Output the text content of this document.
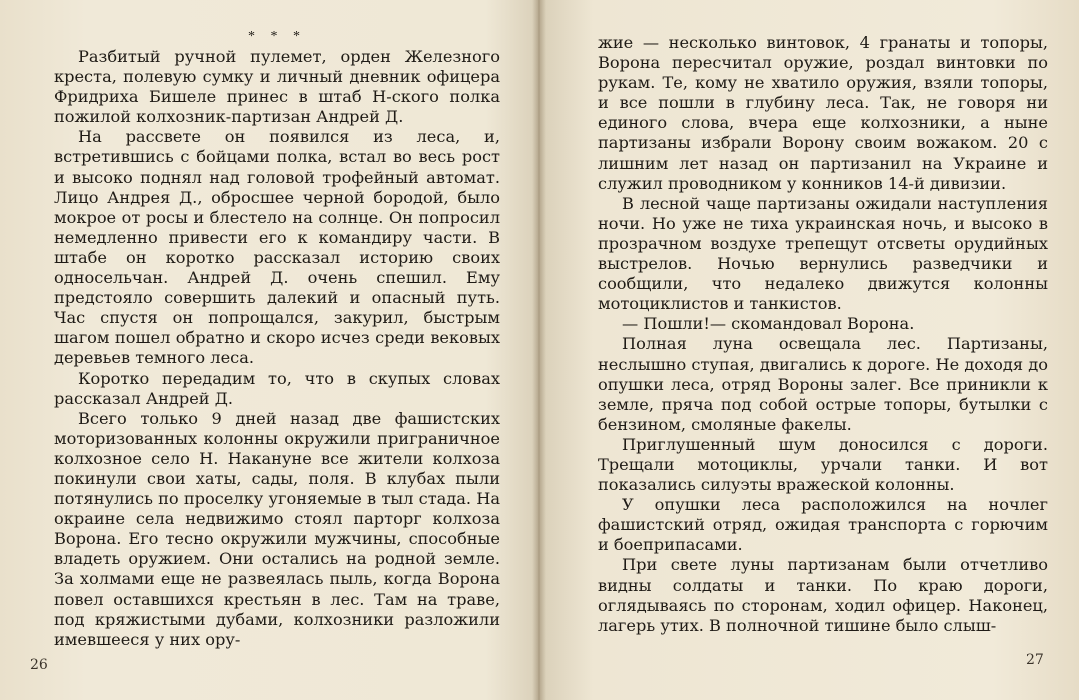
* * *

Разбитый ручной пулемет, орден Железного креста, полевую сумку и личный дневник офицера Фридриха Бишеле принес в штаб Н-ского полка пожилой колхозник-партизан Андрей Д.

На рассвете он появился из леса, и, встретившись с бойцами полка, встал во весь рост и высоко поднял над головой трофейный автомат. Лицо Андрея Д., обросшее черной бородой, было мокрое от росы и блестело на солнце. Он попросил немедленно привести его к командиру части. В штабе он коротко рассказал историю своих односельчан. Андрей Д. очень спешил. Ему предстояло совершить далекий и опасный путь. Час спустя он попрощался, закурил, быстрым шагом пошел обратно и скоро исчез среди вековых деревьев темного леса.

Коротко передадим то, что в скупых словах рассказал Андрей Д.

Всего только 9 дней назад две фашистских моторизованных колонны окружили приграничное колхозное село Н. Накануне все жители колхоза покинули свои хаты, сады, поля. В клубах пыли потянулись по проселку угоняемые в тыл стада. На окраине села недвижимо стоял парторг колхоза Ворона. Его тесно окружили мужчины, способные владеть оружием. Они остались на родной земле. За холмами еще не развеялась пыль, когда Ворона повел оставшихся крестьян в лес. Там на траве, под кряжистыми дубами, колхозники разложили имевшееся у них ору-

26

жие — несколько винтовок, 4 гранаты и топоры, Ворона пересчитал оружие, роздал винтовки по рукам. Те, кому не хватило оружия, взяли топоры, и все пошли в глубину леса. Так, не говоря ни единого слова, вчера еще колхозники, а ныне партизаны избрали Ворону своим вожаком. 20 с лишним лет назад он партизанил на Украине и служил проводником у конников 14-й дивизии.

В лесной чаще партизаны ожидали наступления ночи. Но уже не тиха украинская ночь, и высоко в прозрачном воздухе трепещут отсветы орудийных выстрелов. Ночью вернулись разведчики и сообщили, что недалеко движутся колонны мотоциклистов и танкистов.

— Пошли!— скомандовал Ворона.

Полная луна освещала лес. Партизаны, неслышно ступая, двигались к дороге. Не доходя до опушки леса, отряд Вороны залег. Все приникли к земле, пряча под собой острые топоры, бутылки с бензином, смоляные факелы.

Приглушенный шум доносился с дороги. Трещали мотоциклы, урчали танки. И вот показались силуэты вражеской колонны.

У опушки леса расположился на ночлег фашистский отряд, ожидая транспорта с горючим и боеприпасами.

При свете луны партизанам были отчетливо видны солдаты и танки. По краю дороги, оглядываясь по сторонам, ходил офицер. Наконец, лагерь утих. В полночной тишине было слыш-

27
